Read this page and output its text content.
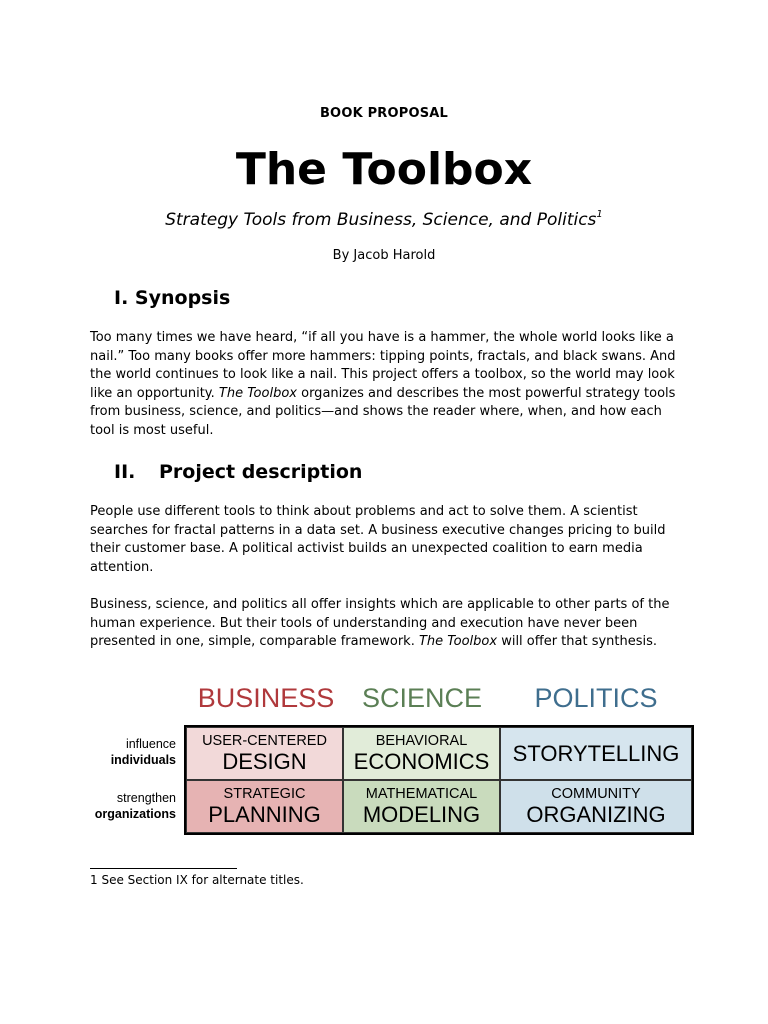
BOOK PROPOSAL
The Toolbox
Strategy Tools from Business, Science, and Politics$^1$
By Jacob Harold
I. Synopsis
Too many times we have heard, “if all you have is a hammer, the whole world looks like a nail.” Too many books offer more hammers: tipping points, fractals, and black swans. And the world continues to look like a nail. This project offers a toolbox, so the world may look like an opportunity. The Toolbox organizes and describes the most powerful strategy tools from business, science, and politics—and shows the reader where, when, and how each tool is most useful.
II. Project description
People use different tools to think about problems and act to solve them. A scientist searches for fractal patterns in a data set. A business executive changes pricing to build their customer base. A political activist builds an unexpected coalition to earn media attention.
Business, science, and politics all offer insights which are applicable to other parts of the human experience. But their tools of understanding and execution have never been presented in one, simple, comparable framework. The Toolbox will offer that synthesis.
BUSINESS	SCIENCE	POLITICS
influence
individuals
strengthen
organizations
USER-CENTERED
DESIGN
BEHAVIORAL
ECONOMICS STORYTELLING
STRATEGIC
PLANNING
MATHEMATICAL
MODELING
COMMUNITY
ORGANIZING
1 See Section IX for alternate titles.
